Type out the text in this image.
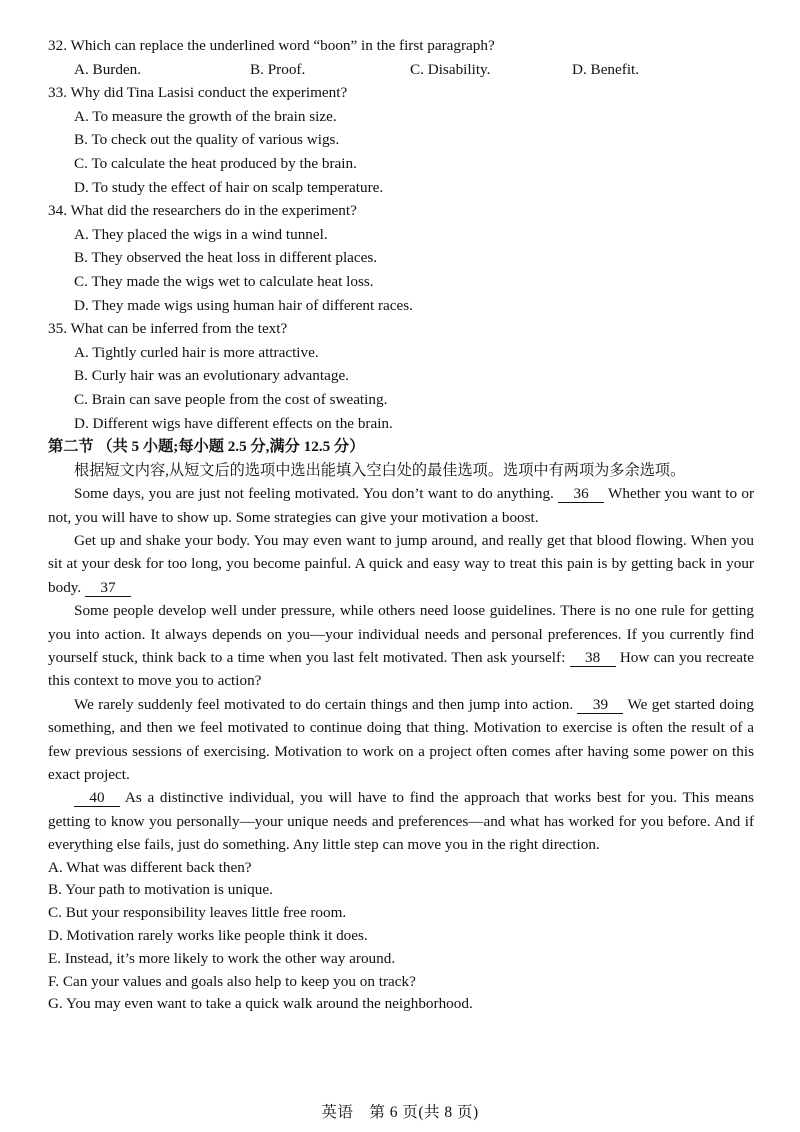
32. Which can replace the underlined word “boon” in the first paragraph?
A. Burden.	B. Proof.	C. Disability.	D. Benefit.
33. Why did Tina Lasisi conduct the experiment?
A. To measure the growth of the brain size.
B. To check out the quality of various wigs.
C. To calculate the heat produced by the brain.
D. To study the effect of hair on scalp temperature.
34. What did the researchers do in the experiment?
A. They placed the wigs in a wind tunnel.
B. They observed the heat loss in different places.
C. They made the wigs wet to calculate heat loss.
D. They made wigs using human hair of different races.
35. What can be inferred from the text?
A. Tightly curled hair is more attractive.
B. Curly hair was an evolutionary advantage.
C. Brain can save people from the cost of sweating.
D. Different wigs have different effects on the brain.
第二节 （共 5 小题;每小题 2.5 分,满分 12.5 分）
根据短文内容,从短文后的选项中选出能填入空白处的最佳选项。选项中有两项为多余选项。
Some days, you are just not feeling motivated. You don’t want to do anything. 36 Whether you want to or not, you will have to show up. Some strategies can give your motivation a boost.
Get up and shake your body. You may even want to jump around, and really get that blood flowing. When you sit at your desk for too long, you become painful. A quick and easy way to treat this pain is by getting back in your body. 37
Some people develop well under pressure, while others need loose guidelines. There is no one rule for getting you into action. It always depends on you—your individual needs and personal preferences. If you currently find yourself stuck, think back to a time when you last felt motivated. Then ask yourself: 38 How can you recreate this context to move you to action?
We rarely suddenly feel motivated to do certain things and then jump into action. 39 We get started doing something, and then we feel motivated to continue doing that thing. Motivation to exercise is often the result of a few previous sessions of exercising. Motivation to work on a project often comes after having some power on this exact project.
40 As a distinctive individual, you will have to find the approach that works best for you. This means getting to know you personally—your unique needs and preferences—and what has worked for you before. And if everything else fails, just do something. Any little step can move you in the right direction.
A. What was different back then?
B. Your path to motivation is unique.
C. But your responsibility leaves little free room.
D. Motivation rarely works like people think it does.
E. Instead, it’s more likely to work the other way around.
F. Can your values and goals also help to keep you on track?
G. You may even want to take a quick walk around the neighborhood.
英语　第 6 页(共 8 页)
